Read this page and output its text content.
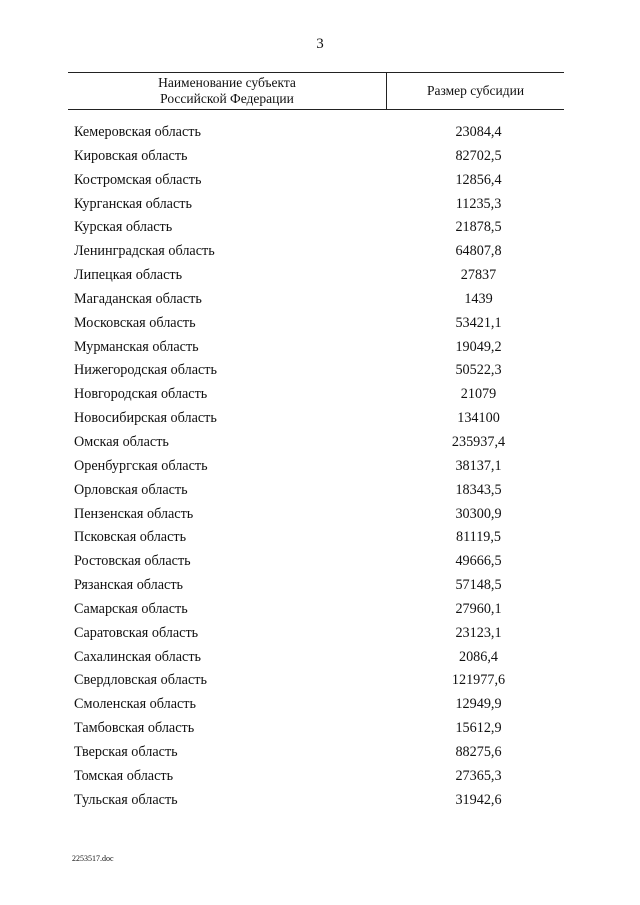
3
Наименование субъекта
Российской Федерации
Размер субсидии
Кемеровская область	23084,4
Кировская область	82702,5
Костромская область	12856,4
Курганская область	11235,3
Курская область	21878,5
Ленинградская область	64807,8
Липецкая область	27837
Магаданская область	1439
Московская область	53421,1
Мурманская область	19049,2
Нижегородская область	50522,3
Новгородская область	21079
Новосибирская область	134100
Омская область	235937,4
Оренбургская область	38137,1
Орловская область	18343,5
Пензенская область	30300,9
Псковская область	81119,5
Ростовская область	49666,5
Рязанская область	57148,5
Самарская область	27960,1
Саратовская область	23123,1
Сахалинская область	2086,4
Свердловская область	121977,6
Смоленская область	12949,9
Тамбовская область	15612,9
Тверская область	88275,6
Томская область	27365,3
Тульская область	31942,6
2253517.doc
